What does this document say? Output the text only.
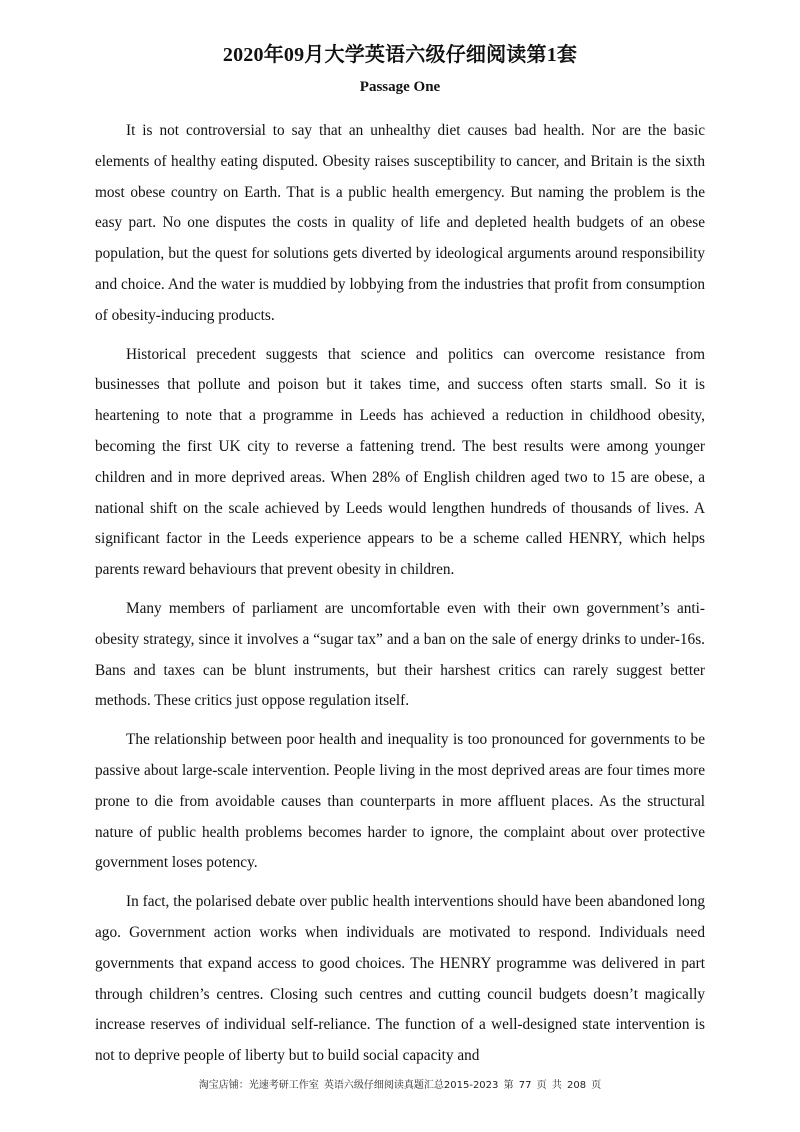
2020年09月大学英语六级仔细阅读第1套
Passage One

It is not controversial to say that an unhealthy diet causes bad health. Nor are the basic elements of healthy eating disputed. Obesity raises susceptibility to cancer, and Britain is the sixth most obese country on Earth. That is a public health emergency. But naming the problem is the easy part. No one disputes the costs in quality of life and depleted health budgets of an obese population, but the quest for solutions gets diverted by ideological arguments around responsibility and choice. And the water is muddied by lobbying from the industries that profit from consumption of obesity-inducing products.

Historical precedent suggests that science and politics can overcome resistance from businesses that pollute and poison but it takes time, and success often starts small. So it is heartening to note that a programme in Leeds has achieved a reduction in childhood obesity, becoming the first UK city to reverse a fattening trend. The best results were among younger children and in more deprived areas. When 28% of English children aged two to 15 are obese, a national shift on the scale achieved by Leeds would lengthen hundreds of thousands of lives. A significant factor in the Leeds experience appears to be a scheme called HENRY, which helps parents reward behaviours that prevent obesity in children.

Many members of parliament are uncomfortable even with their own government’s anti-obesity strategy, since it involves a “sugar tax” and a ban on the sale of energy drinks to under-16s. Bans and taxes can be blunt instruments, but their harshest critics can rarely suggest better methods. These critics just oppose regulation itself.

The relationship between poor health and inequality is too pronounced for governments to be passive about large-scale intervention. People living in the most deprived areas are four times more prone to die from avoidable causes than counterparts in more affluent places. As the structural nature of public health problems becomes harder to ignore, the complaint about over protective government loses potency.

In fact, the polarised debate over public health interventions should have been abandoned long ago. Government action works when individuals are motivated to respond. Individuals need governments that expand access to good choices. The HENRY programme was delivered in part through children’s centres. Closing such centres and cutting council budgets doesn’t magically increase reserves of individual self-reliance. The function of a well-designed state intervention is not to deprive people of liberty but to build social capacity and

淘宝店铺：光速考研工作室 英语六级仔细阅读真题汇总2015-2023 第 77 页 共 208 页
